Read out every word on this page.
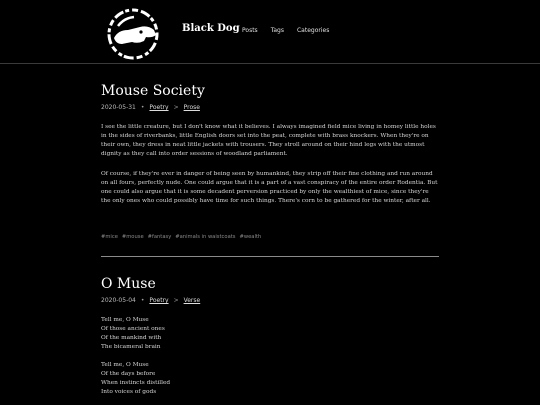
Black Dog Posts Tags Categories
Mouse Society
2020-05-31 • Poetry > Prose

I see the little creature, but I don't know what it believes. I always imagined field mice living in homey little holes in the sides of riverbanks, little English doors set into the peat, complete with brass knockers. When they're on their own, they dress in neat little jackets with trousers. They stroll around on their hind legs with the utmost dignity as they call into order sessions of woodland parliament.

Of course, if they're ever in danger of being seen by humankind, they strip off their fine clothing and run around on all fours, perfectly nude. One could argue that it is a part of a vast conspiracy of the entire order Rodentia. But one could also argue that it is some decadent perversion practiced by only the wealthiest of mice, since they're the only ones who could possibly have time for such things. There's corn to be gathered for the winter, after all.

#mice #mouse #fantasy #animals in waistcoats #wealth
O Muse
2020-05-04 • Poetry > Verse
Tell me, O Muse
Of those ancient ones
Of the mankind with
The bicameral brain
Tell me, O Muse
Of the days before
When instincts distilled
Into voices of gods
